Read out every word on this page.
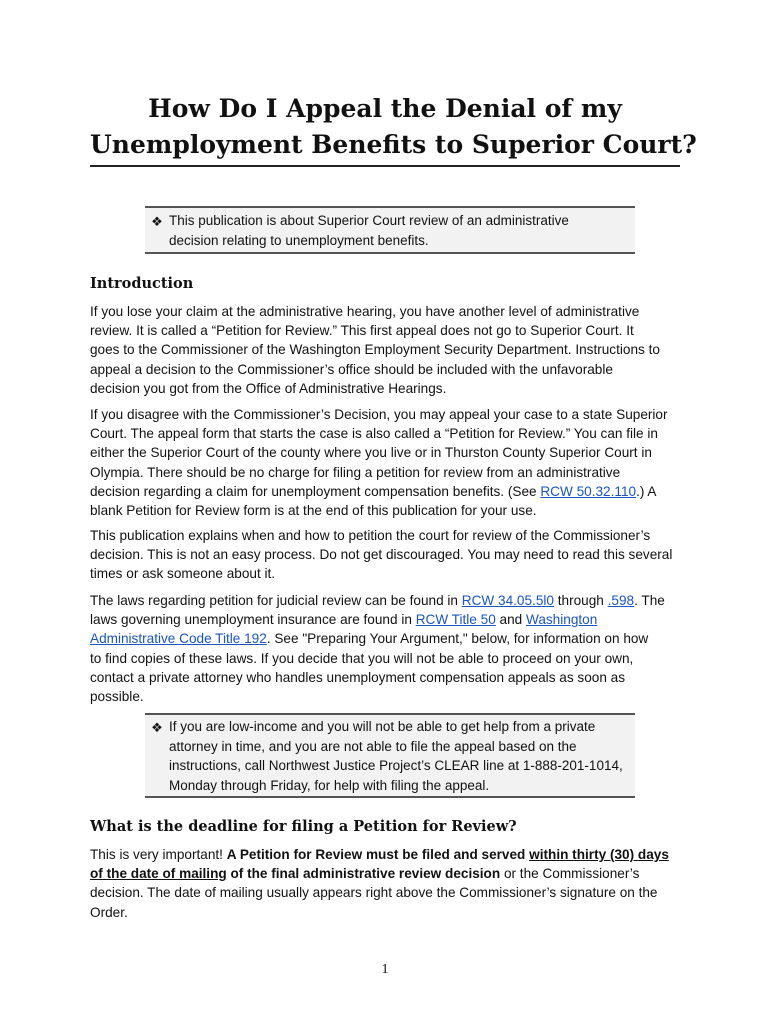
How Do I Appeal the Denial of my
Unemployment Benefits to Superior Court?
❖ This publication is about Superior Court review of an administrative
decision relating to unemployment benefits.
Introduction
If you lose your claim at the administrative hearing, you have another level of administrative
review. It is called a “Petition for Review.” This first appeal does not go to Superior Court. It
goes to the Commissioner of the Washington Employment Security Department. Instructions to
appeal a decision to the Commissioner’s office should be included with the unfavorable
decision you got from the Office of Administrative Hearings.
If you disagree with the Commissioner’s Decision, you may appeal your case to a state Superior
Court. The appeal form that starts the case is also called a “Petition for Review.” You can file in
either the Superior Court of the county where you live or in Thurston County Superior Court in
Olympia. There should be no charge for filing a petition for review from an administrative
decision regarding a claim for unemployment compensation benefits. (See RCW 50.32.110.) A
blank Petition for Review form is at the end of this publication for your use.
This publication explains when and how to petition the court for review of the Commissioner’s
decision. This is not an easy process. Do not get discouraged. You may need to read this several
times or ask someone about it.
The laws regarding petition for judicial review can be found in RCW 34.05.5l0 through .598. The
laws governing unemployment insurance are found in RCW Title 50 and Washington
Administrative Code Title 192. See "Preparing Your Argument," below, for information on how
to find copies of these laws. If you decide that you will not be able to proceed on your own,
contact a private attorney who handles unemployment compensation appeals as soon as
possible.
❖ If you are low-income and you will not be able to get help from a private
attorney in time, and you are not able to file the appeal based on the
instructions, call Northwest Justice Project’s CLEAR line at 1-888-201-1014,
Monday through Friday, for help with filing the appeal.
What is the deadline for filing a Petition for Review?
This is very important! A Petition for Review must be filed and served within thirty (30) days
of the date of mailing of the final administrative review decision or the Commissioner’s
decision. The date of mailing usually appears right above the Commissioner’s signature on the
Order.
1
